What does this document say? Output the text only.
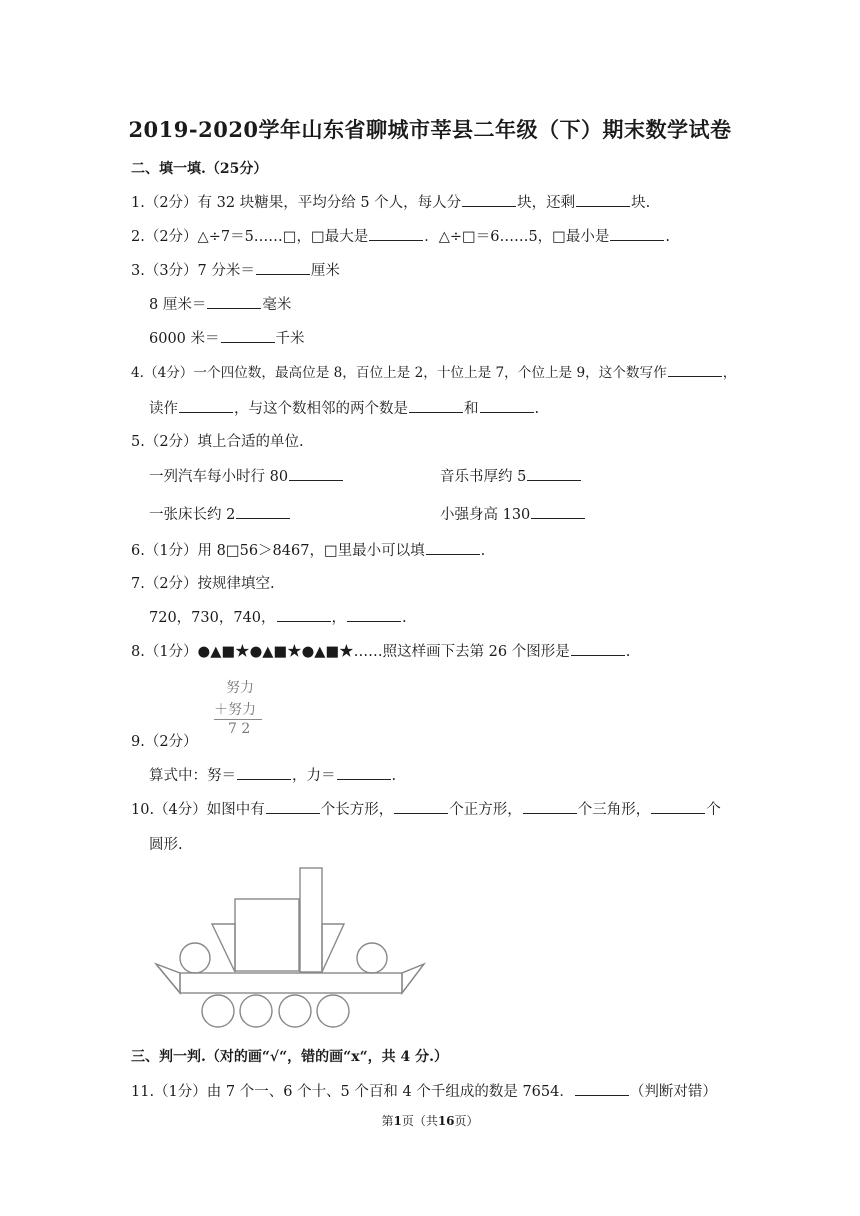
2019-2020学年山东省聊城市莘县二年级（下）期末数学试卷
二、填一填.（25分）
1.（2分）有 32 块糖果，平均分给 5 个人，每人分	块，还剩	块.
2.（2分）△÷7＝5……□，□最大是	．△÷□＝6……5，□最小是	.
3.（3分）7 分米＝	厘米
8 厘米＝	毫米
6000 米＝	千米
4.（4分）一个四位数，最高位是 8，百位上是 2，十位上是 7，个位上是 9，这个数写作	，
读作	，与这个数相邻的两个数是	和	.
5.（2分）填上合适的单位.
一列汽车每小时行 80	音乐书厚约 5
一张床长约 2	小强身高 130
6.（1分）用 8□56＞8467，□里最小可以填	.
7.（2分）按规律填空.
720，730，740，	，	.
8.（1分）●▲■★●▲■★●▲■★……照这样画下去第 26 个图形是	.
努力
＋努力
7 2
9.（2分）
算式中：努＝	，力＝	.
10.（4分）如图中有	个长方形，	个正方形，	个三角形，	个
圆形.
三、判一判.（对的画“√“，错的画“x“，共 4 分.）
11.（1分）由 7 个一、6 个十、5 个百和 4 个千组成的数是 7654．	（判断对错）
第1页（共16页）
